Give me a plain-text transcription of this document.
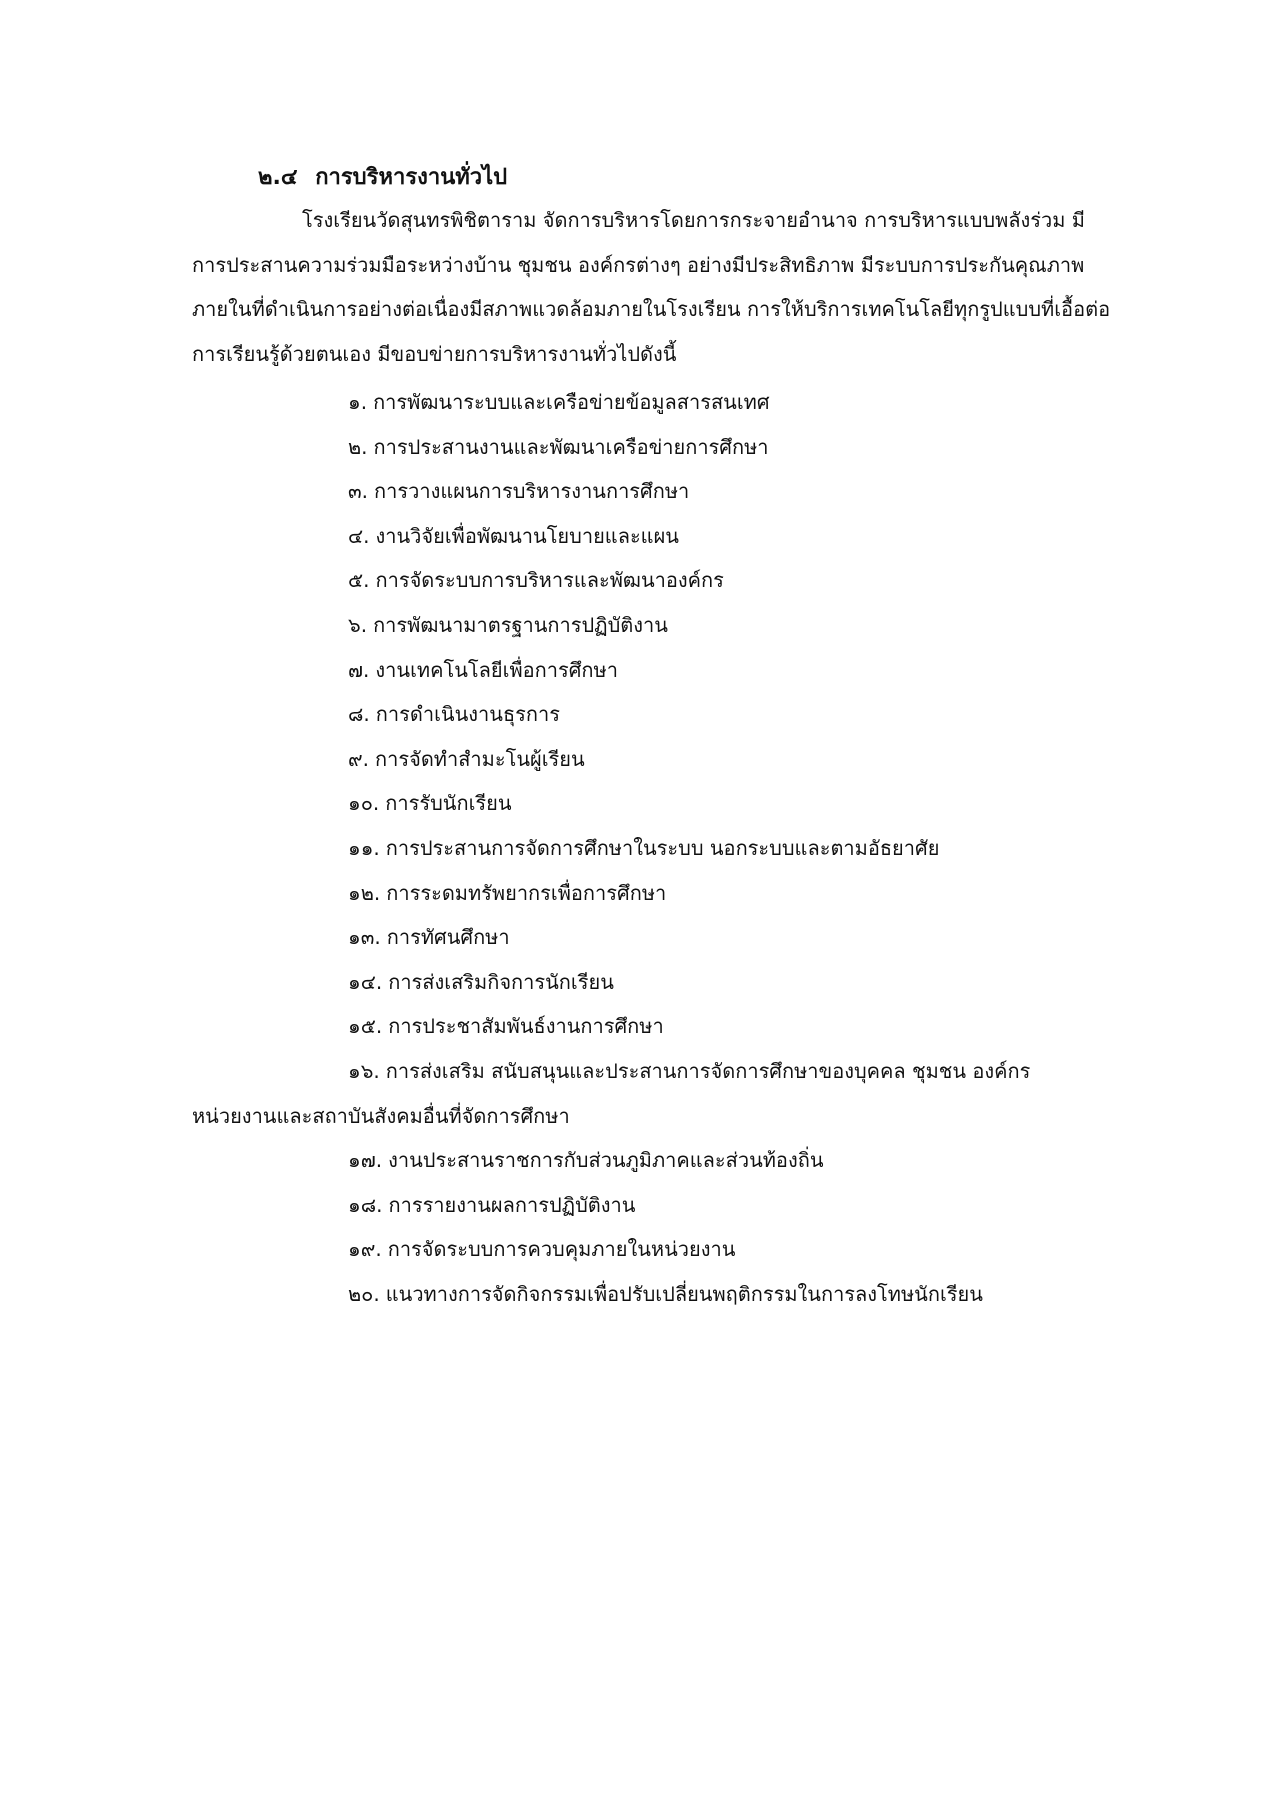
๒.๔ การบริหารงานทั่วไป
โรงเรียนวัดสุนทรพิชิตาราม จัดการบริหารโดยการกระจายอำนาจ การบริหารแบบพลังร่วม มี
การประสานความร่วมมือระหว่างบ้าน ชุมชน องค์กรต่างๆ อย่างมีประสิทธิภาพ มีระบบการประกันคุณภาพ
ภายในที่ดำเนินการอย่างต่อเนื่องมีสภาพแวดล้อมภายในโรงเรียน การให้บริการเทคโนโลยีทุกรูปแบบที่เอื้อต่อ
การเรียนรู้ด้วยตนเอง มีขอบข่ายการบริหารงานทั่วไปดังนี้
๑. การพัฒนาระบบและเครือข่ายข้อมูลสารสนเทศ
๒. การประสานงานและพัฒนาเครือข่ายการศึกษา
๓. การวางแผนการบริหารงานการศึกษา
๔. งานวิจัยเพื่อพัฒนานโยบายและแผน
๕. การจัดระบบการบริหารและพัฒนาองค์กร
๖. การพัฒนามาตรฐานการปฏิบัติงาน
๗. งานเทคโนโลยีเพื่อการศึกษา
๘. การดำเนินงานธุรการ
๙. การจัดทำสำมะโนผู้เรียน
๑๐. การรับนักเรียน
๑๑. การประสานการจัดการศึกษาในระบบ นอกระบบและตามอัธยาศัย
๑๒. การระดมทรัพยากรเพื่อการศึกษา
๑๓. การทัศนศึกษา
๑๔. การส่งเสริมกิจการนักเรียน
๑๕. การประชาสัมพันธ์งานการศึกษา
๑๖. การส่งเสริม สนับสนุนและประสานการจัดการศึกษาของบุคคล ชุมชน องค์กร
หน่วยงานและสถาบันสังคมอื่นที่จัดการศึกษา
๑๗. งานประสานราชการกับส่วนภูมิภาคและส่วนท้องถิ่น
๑๘. การรายงานผลการปฏิบัติงาน
๑๙. การจัดระบบการควบคุมภายในหน่วยงาน
๒๐. แนวทางการจัดกิจกรรมเพื่อปรับเปลี่ยนพฤติกรรมในการลงโทษนักเรียน
